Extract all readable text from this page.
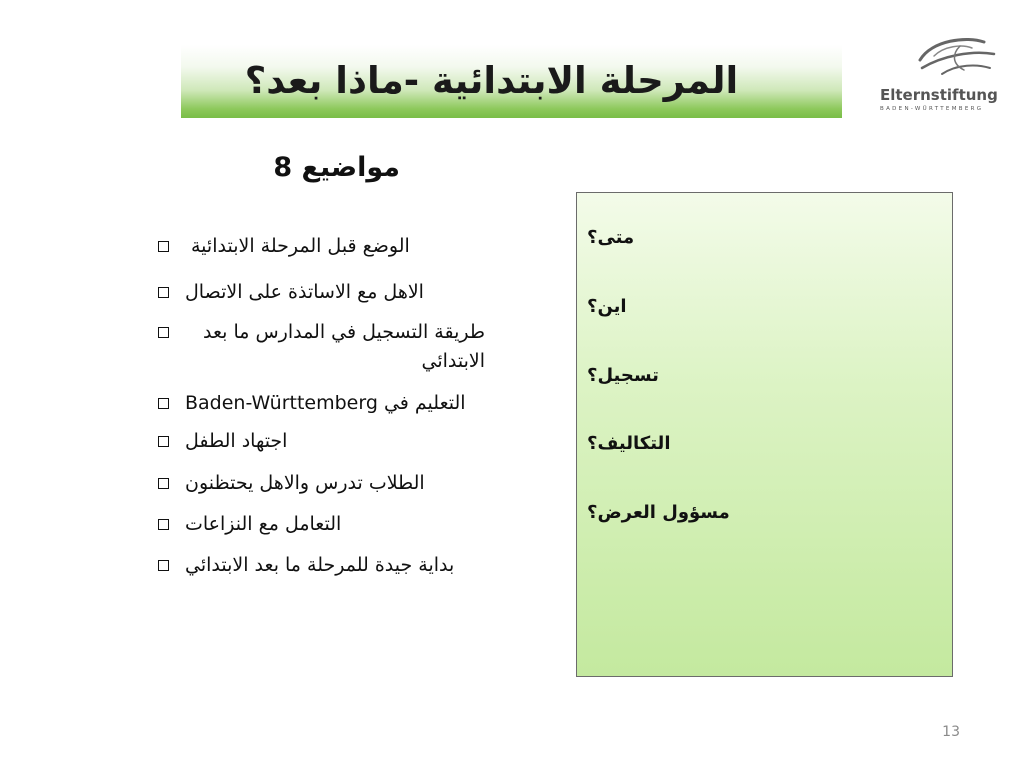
المرحلة الابتدائية -ماذا بعد؟	Elternstiftung
BADEN-WÜRTTEMBERG
مواضيع 8
الوضع قبل المرحلة الابتدائية
الاهل مع الاساتذة على الاتصال
طريقة التسجيل في المدارس ما بعد الابتدائي
Baden-Württemberg التعليم في
اجتهاد الطفل
الطلاب تدرس والاهل يحتظنون
التعامل مع النزاعات
بداية جيدة للمرحلة ما بعد الابتدائي
متى؟
اين؟
تسجيل؟
التكاليف؟
مسؤول العرض؟
13
